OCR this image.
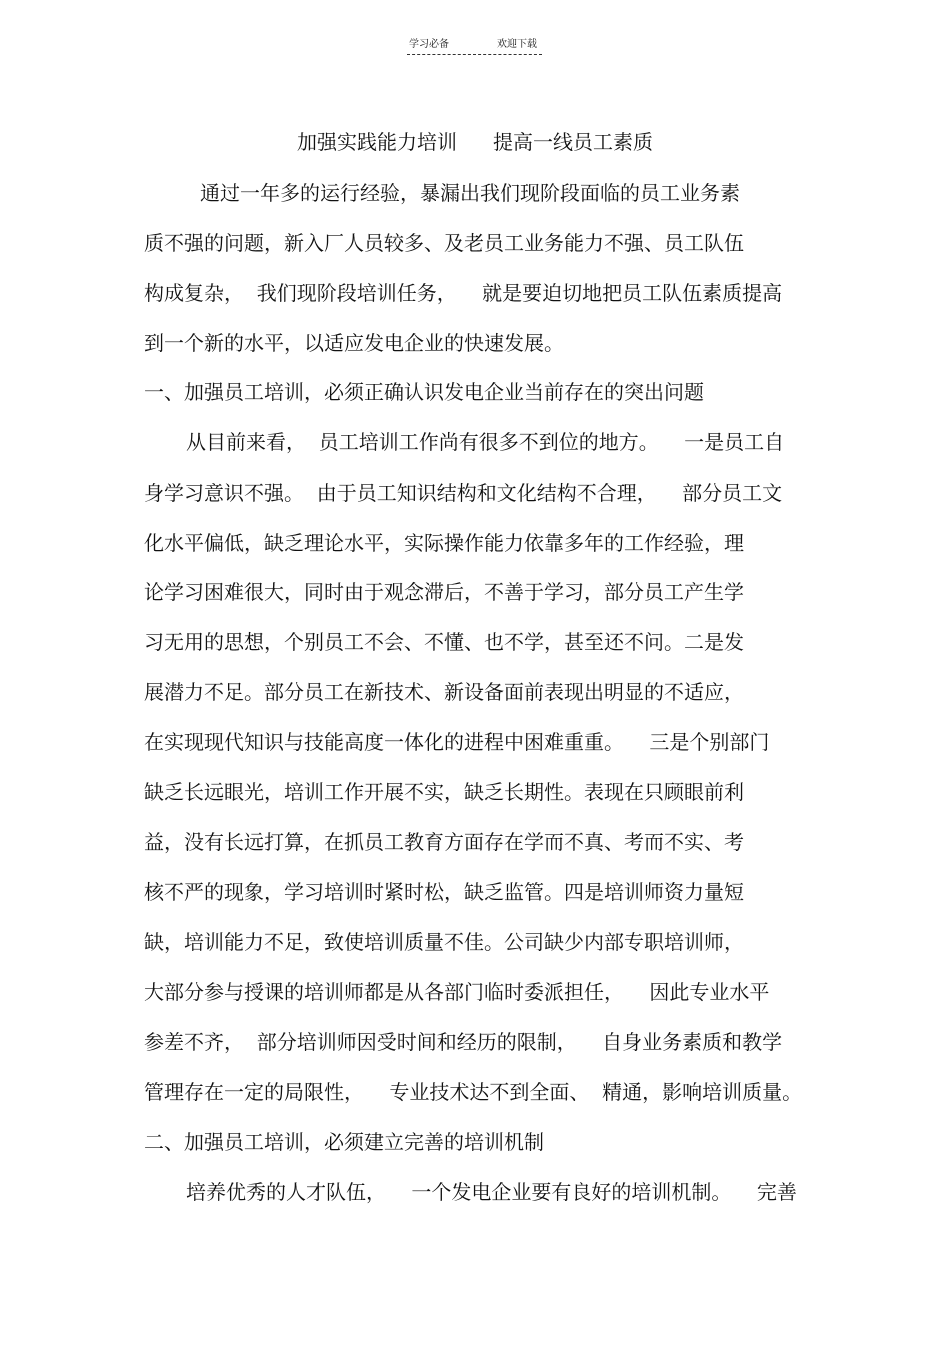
学习必备	欢迎下载
加强实践能力培训 提高一线员工素质
通过一年多的运行经验，暴漏出我们现阶段面临的员工业务素
质不强的问题，新入厂人员较多、及老员工业务能力不强、员工队伍
构成复杂，  我们现阶段培训任务，    就是要迫切地把员工队伍素质提高
到一个新的水平，以适应发电企业的快速发展。
一、加强员工培训，必须正确认识发电企业当前存在的突出问题
从目前来看，  员工培训工作尚有很多不到位的地方。    一是员工自
身学习意识不强。  由于员工知识结构和文化结构不合理，    部分员工文
化水平偏低，缺乏理论水平，实际操作能力依靠多年的工作经验，理
论学习困难很大，同时由于观念滞后，不善于学习，部分员工产生学
习无用的思想，个别员工不会、不懂、也不学，甚至还不问。二是发
展潜力不足。部分员工在新技术、新设备面前表现出明显的不适应，
在实现现代知识与技能高度一体化的进程中困难重重。    三是个别部门
缺乏长远眼光，培训工作开展不实，缺乏长期性。表现在只顾眼前利
益，没有长远打算，在抓员工教育方面存在学而不真、考而不实、考
核不严的现象，学习培训时紧时松，缺乏监管。四是培训师资力量短
缺，培训能力不足，致使培训质量不佳。公司缺少内部专职培训师，
大部分参与授课的培训师都是从各部门临时委派担任，    因此专业水平
参差不齐，  部分培训师因受时间和经历的限制，    自身业务素质和教学
管理存在一定的局限性，    专业技术达不到全面、  精通，影响培训质量。
二、加强员工培训，必须建立完善的培训机制
培养优秀的人才队伍，    一个发电企业要有良好的培训机制。    完善
